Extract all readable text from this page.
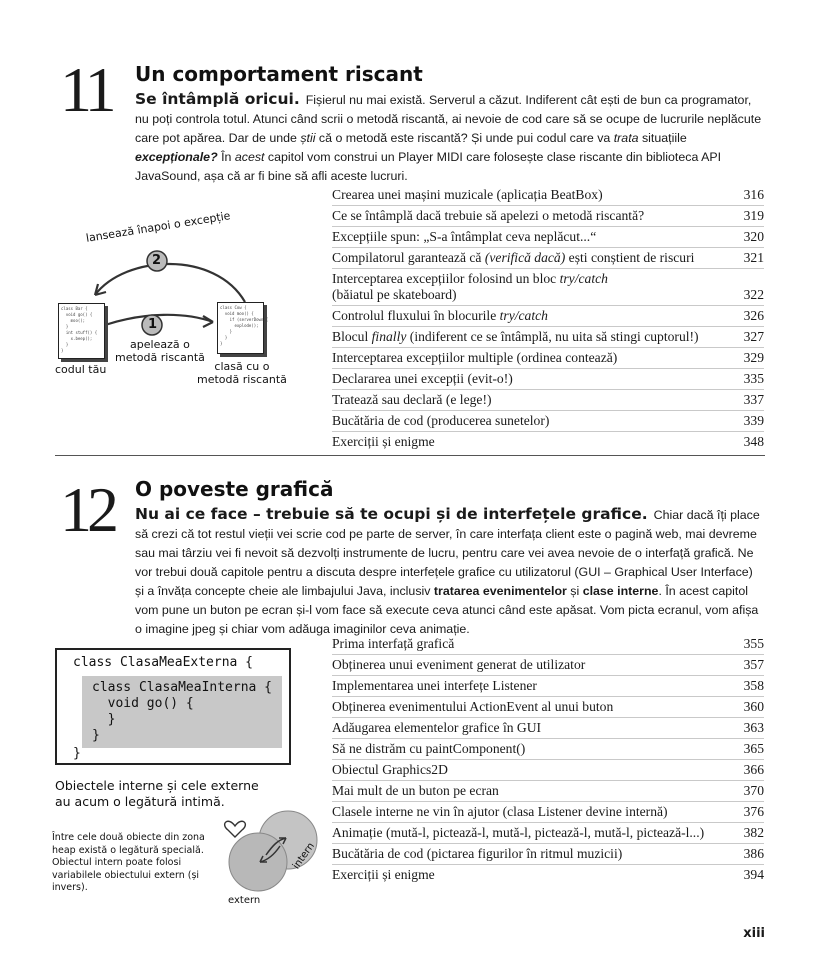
11 Un comportament riscant
Se întâmplă oricui. Fișierul nu mai există. Serverul a căzut. Indiferent cât ești de bun ca programator, nu poți controla totul. Atunci când scrii o metodă riscantă, ai nevoie de cod care să se ocupe de lucrurile neplăcute care pot apărea. Dar de unde știi că o metodă este riscantă? Și unde pui codul care va trata situațiile excepționale? În acest capitol vom construi un Player MIDI care folosește clase riscante din biblioteca API JavaSound, așa că ar fi bine să afli aceste lucruri.
2
1
lansează înapoi o excepție
class Bar {
void go() {
moo();
}
int stuff() {
x.beep();
}
}
class Cow {
void moo() {
if (serverDown){
explode();
}
}
}
apelează o
metodă riscantă
codul tău	clasă cu o
metodă riscantă
Crearea unei mașini muzicale (aplicația BeatBox)	316
Ce se întâmplă dacă trebuie să apelezi o metodă riscantă?	319
Excepțiile spun: „S-a întâmplat ceva neplăcut...“	320
Compilatorul garantează că (verifică dacă) ești conștient de riscuri	321
Interceptarea excepțiilor folosind un bloc try/catch
(băiatul pe skateboard)	322
Controlul fluxului în blocurile try/catch	326
Blocul finally (indiferent ce se întâmplă, nu uita să stingi cuptorul!)	327
Interceptarea excepțiilor multiple (ordinea contează)	329
Declararea unei excepții (evit-o!)	335
Tratează sau declară (e lege!)	337
Bucătăria de cod (producerea sunetelor)	339
Exerciții și enigme	348
12 O poveste grafică
Nu ai ce face – trebuie să te ocupi și de interfețele grafice. Chiar dacă îți place să crezi că tot restul vieții vei scrie cod pe parte de server, în care interfața client este o pagină web, mai devreme sau mai târziu vei fi nevoit să dezvolți instrumente de lucru, pentru care vei avea nevoie de o interfață grafică. Ne vor trebui două capitole pentru a discuta despre interfețele grafice cu utilizatorul (GUI – Graphical User Interface) și a învăța concepte cheie ale limbajului Java, inclusiv tratarea evenimentelor și clase interne. În acest capitol vom pune un buton pe ecran și-l vom face să execute ceva atunci când este apăsat. Vom picta ecranul, vom afișa o imagine jpeg și chiar vom adăuga imaginilor ceva animație.
class ClasaMeaExterna {
class ClasaMeaInterna {
void go() {
}
}
}
Obiectele interne și cele externe au acum o legătură intimă.
Între cele două obiecte din zona heap există o legătură specială. Obiectul intern poate folosi variabilele obiectului extern (și invers).
intern
extern
Prima interfață grafică	355
Obținerea unui eveniment generat de utilizator	357
Implementarea unei interfețe Listener	358
Obținerea evenimentului ActionEvent al unui buton	360
Adăugarea elementelor grafice în GUI	363
Să ne distrăm cu paintComponent()	365
Obiectul Graphics2D	366
Mai mult de un buton pe ecran	370
Clasele interne ne vin în ajutor (clasa Listener devine internă)	376
Animație (mută-l, pictează-l, mută-l, pictează-l, mută-l, pictează-l...)	382
Bucătăria de cod (pictarea figurilor în ritmul muzicii)	386
Exerciții și enigme	394
xiii
